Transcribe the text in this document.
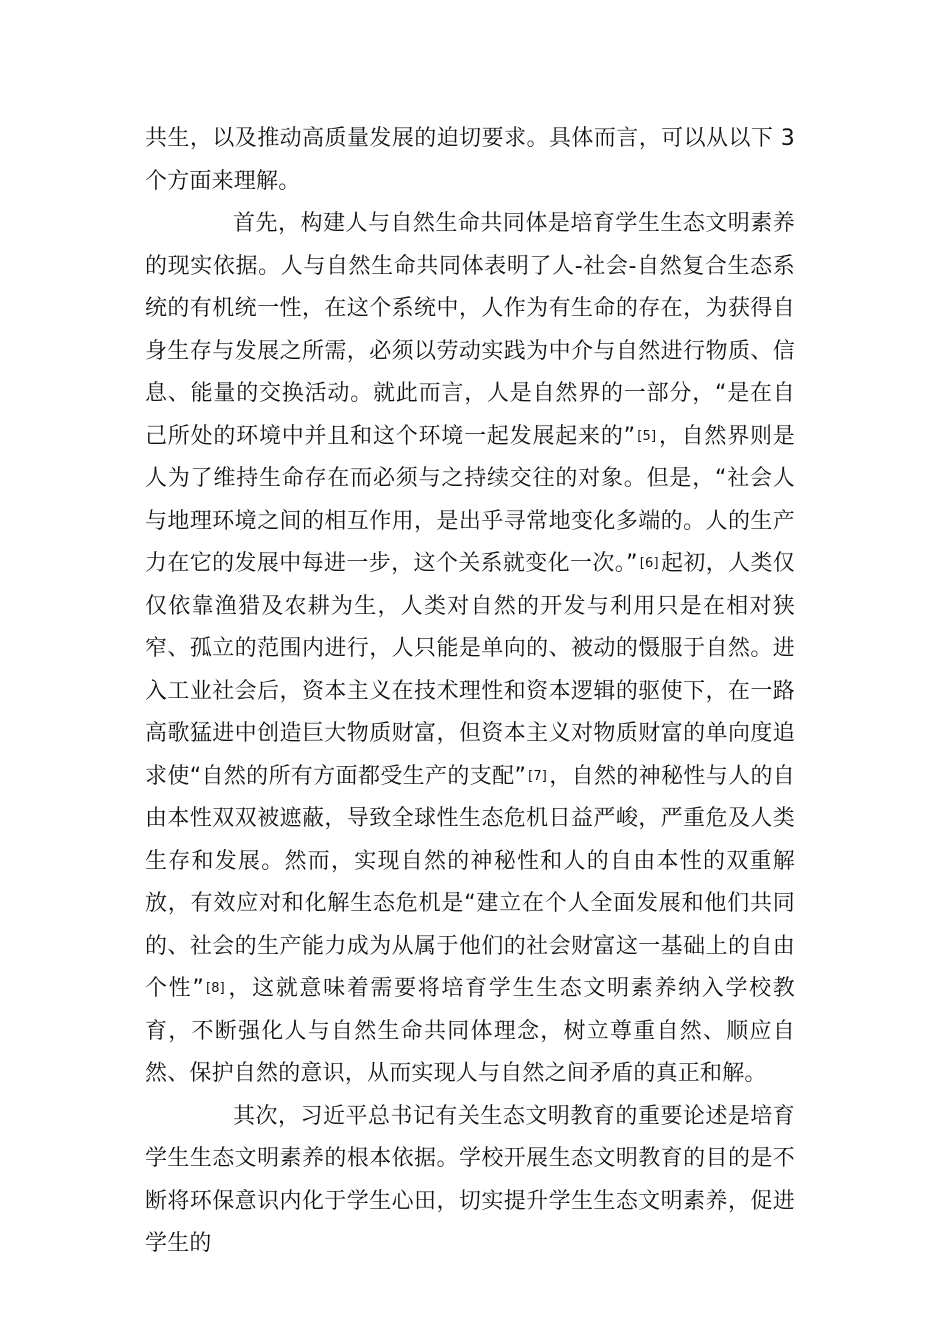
共生，以及推动高质量发展的迫切要求。具体而言，可以从以下 3 个方面来理解。

首先，构建人与自然生命共同体是培育学生生态文明素养的现实依据。人与自然生命共同体表明了人-社会-自然复合生态系统的有机统一性，在这个系统中，人作为有生命的存在，为获得自身生存与发展之所需，必须以劳动实践为中介与自然进行物质、信息、能量的交换活动。就此而言，人是自然界的一部分，“是在自己所处的环境中并且和这个环境一起发展起来的” [5]，自然界则是人为了维持生命存在而必须与之持续交往的对象。但是，“社会人与地理环境之间的相互作用，是出乎寻常地变化多端的。人的生产力在它的发展中每进一步，这个关系就变化一次。” [6]起初，人类仅仅依靠渔猎及农耕为生，人类对自然的开发与利用只是在相对狭窄、孤立的范围内进行，人只能是单向的、被动的慑服于自然。进入工业社会后，资本主义在技术理性和资本逻辑的驱使下，在一路高歌猛进中创造巨大物质财富，但资本主义对物质财富的单向度追求使“自然的所有方面都受生产的支配” [7]，自然的神秘性与人的自由本性双双被遮蔽，导致全球性生态危机日益严峻，严重危及人类生存和发展。然而，实现自然的神秘性和人的自由本性的双重解放，有效应对和化解生态危机是“建立在个人全面发展和他们共同的、社会的生产能力成为从属于他们的社会财富这一基础上的自由个性” [8]，这就意味着需要将培育学生生态文明素养纳入学校教育，不断强化人与自然生命共同体理念，树立尊重自然、顺应自然、保护自然的意识，从而实现人与自然之间矛盾的真正和解。

其次，习近平总书记有关生态文明教育的重要论述是培育学生生态文明素养的根本依据。学校开展生态文明教育的目的是不断将环保意识内化于学生心田，切实提升学生生态文明素养，促进学生的
